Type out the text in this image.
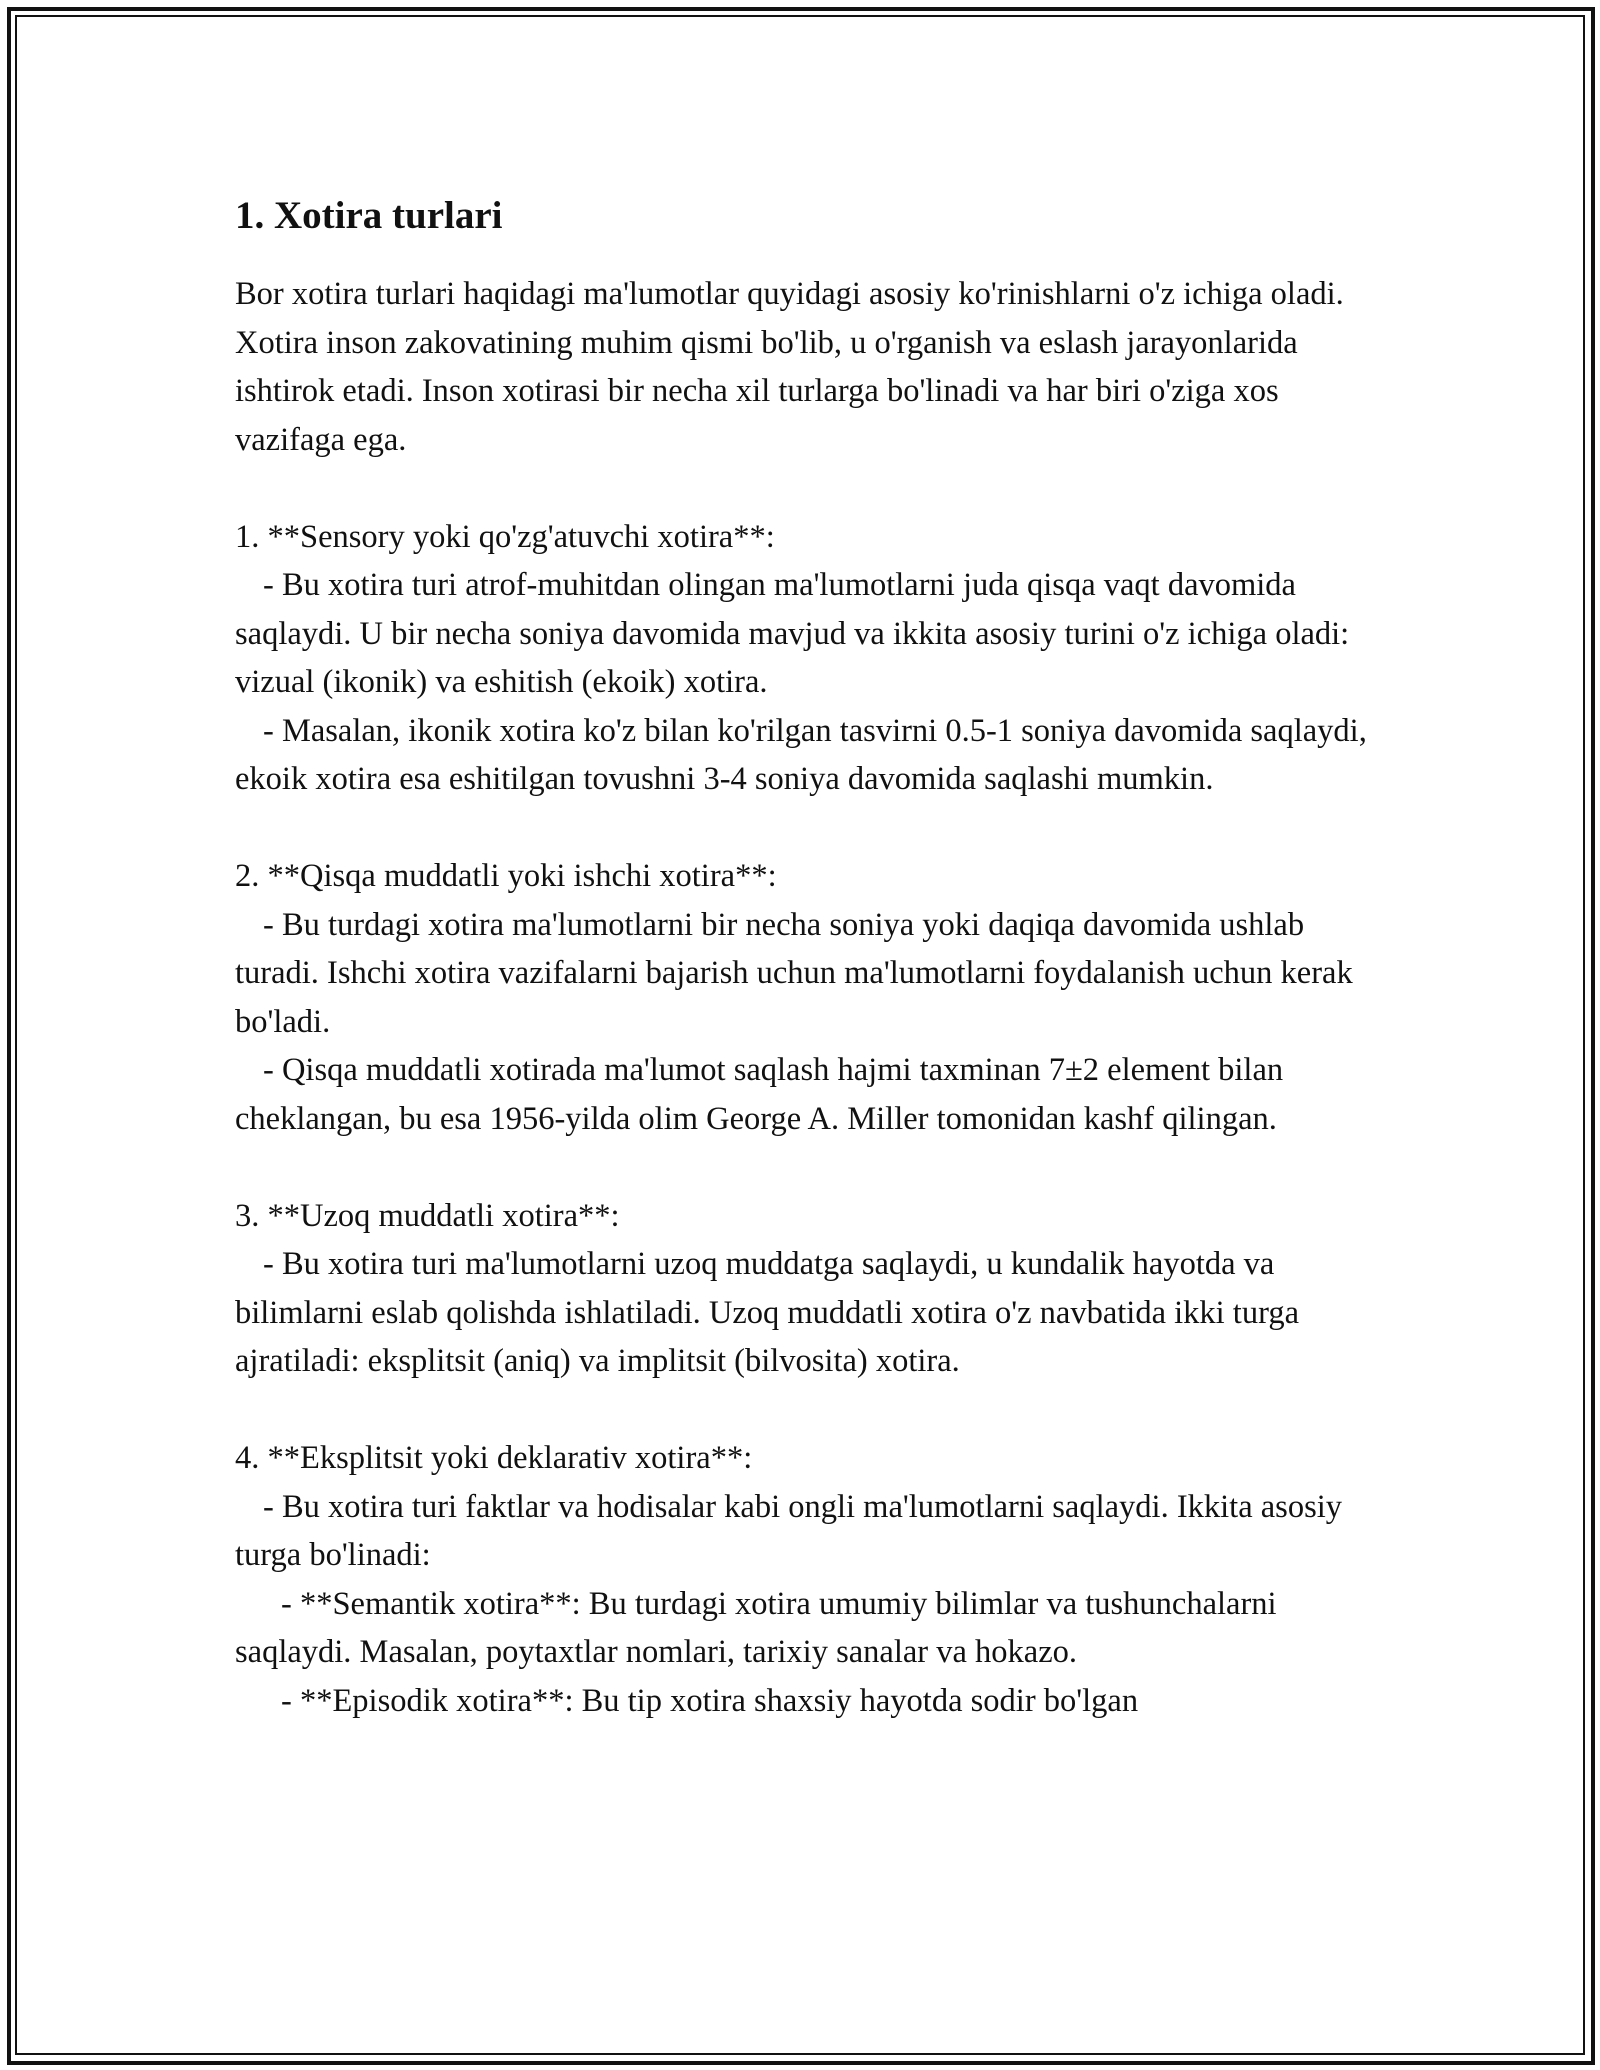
1. Xotira turlari

Bor xotira turlari haqidagi ma'lumotlar quyidagi asosiy ko'rinishlarni o'z ichiga oladi. Xotira inson zakovatining muhim qismi bo'lib, u o'rganish va eslash jarayonlarida ishtirok etadi. Inson xotirasi bir necha xil turlarga bo'linadi va har biri o'ziga xos vazifaga ega.

1. **Sensory yoki qo'zg'atuvchi xotira**:

- Bu xotira turi atrof-muhitdan olingan ma'lumotlarni juda qisqa vaqt davomida saqlaydi. U bir necha soniya davomida mavjud va ikkita asosiy turini o'z ichiga oladi: vizual (ikonik) va eshitish (ekoik) xotira.

- Masalan, ikonik xotira ko'z bilan ko'rilgan tasvirni 0.5-1 soniya davomida saqlaydi, ekoik xotira esa eshitilgan tovushni 3-4 soniya davomida saqlashi mumkin.

2. **Qisqa muddatli yoki ishchi xotira**:

- Bu turdagi xotira ma'lumotlarni bir necha soniya yoki daqiqa davomida ushlab turadi. Ishchi xotira vazifalarni bajarish uchun ma'lumotlarni foydalanish uchun kerak bo'ladi.

- Qisqa muddatli xotirada ma'lumot saqlash hajmi taxminan 7±2 element bilan cheklangan, bu esa 1956-yilda olim George A. Miller tomonidan kashf qilingan.

3. **Uzoq muddatli xotira**:

- Bu xotira turi ma'lumotlarni uzoq muddatga saqlaydi, u kundalik hayotda va bilimlarni eslab qolishda ishlatiladi. Uzoq muddatli xotira o'z navbatida ikki turga ajratiladi: eksplitsit (aniq) va implitsit (bilvosita) xotira.

4. **Eksplitsit yoki deklarativ xotira**:

- Bu xotira turi faktlar va hodisalar kabi ongli ma'lumotlarni saqlaydi. Ikkita asosiy turga bo'linadi:

- **Semantik xotira**: Bu turdagi xotira umumiy bilimlar va tushunchalarni saqlaydi. Masalan, poytaxtlar nomlari, tarixiy sanalar va hokazo.

- **Episodik xotira**: Bu tip xotira shaxsiy hayotda sodir bo'lgan
